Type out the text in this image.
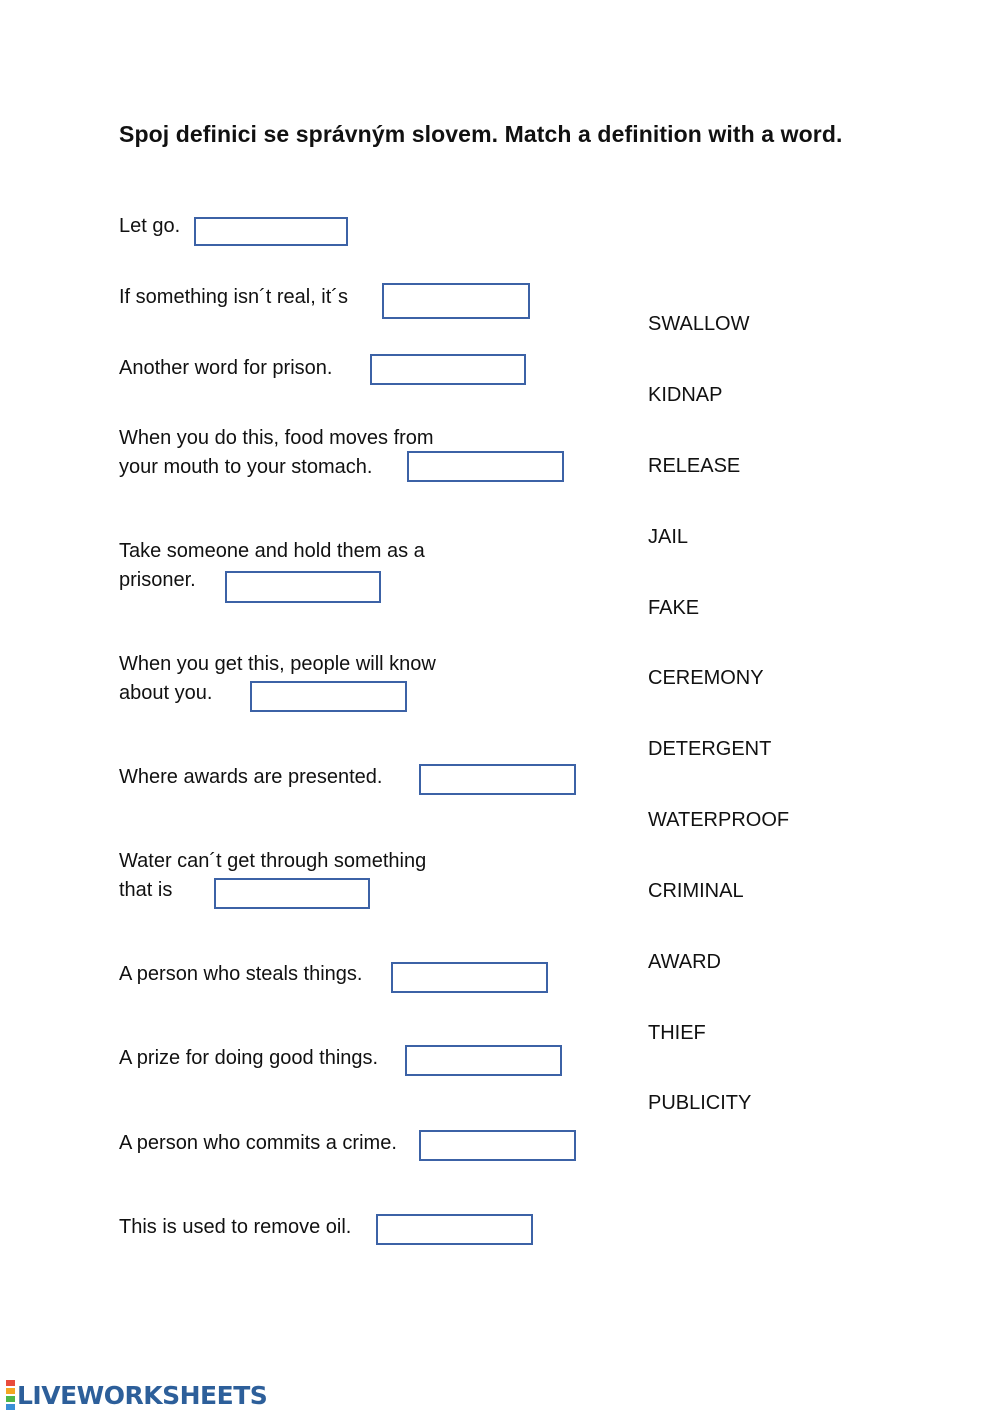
Spoj definici se správným slovem. Match a definition with a word.
Let go.
If something isn´t real, it´s
Another word for prison.
When you do this, food moves from
your mouth to your stomach.
Take someone and hold them as a
prisoner.
When you get this, people will know
about you.
Where awards are presented.
Water can´t get through something
that is
A person who steals things.
A prize for doing good things.
A person who commits a crime.
This is used to remove oil.
SWALLOW
KIDNAP
RELEASE
JAIL
FAKE
CEREMONY
DETERGENT
WATERPROOF
CRIMINAL
AWARD
THIEF
PUBLICITY
LIVEWORKSHEETS
